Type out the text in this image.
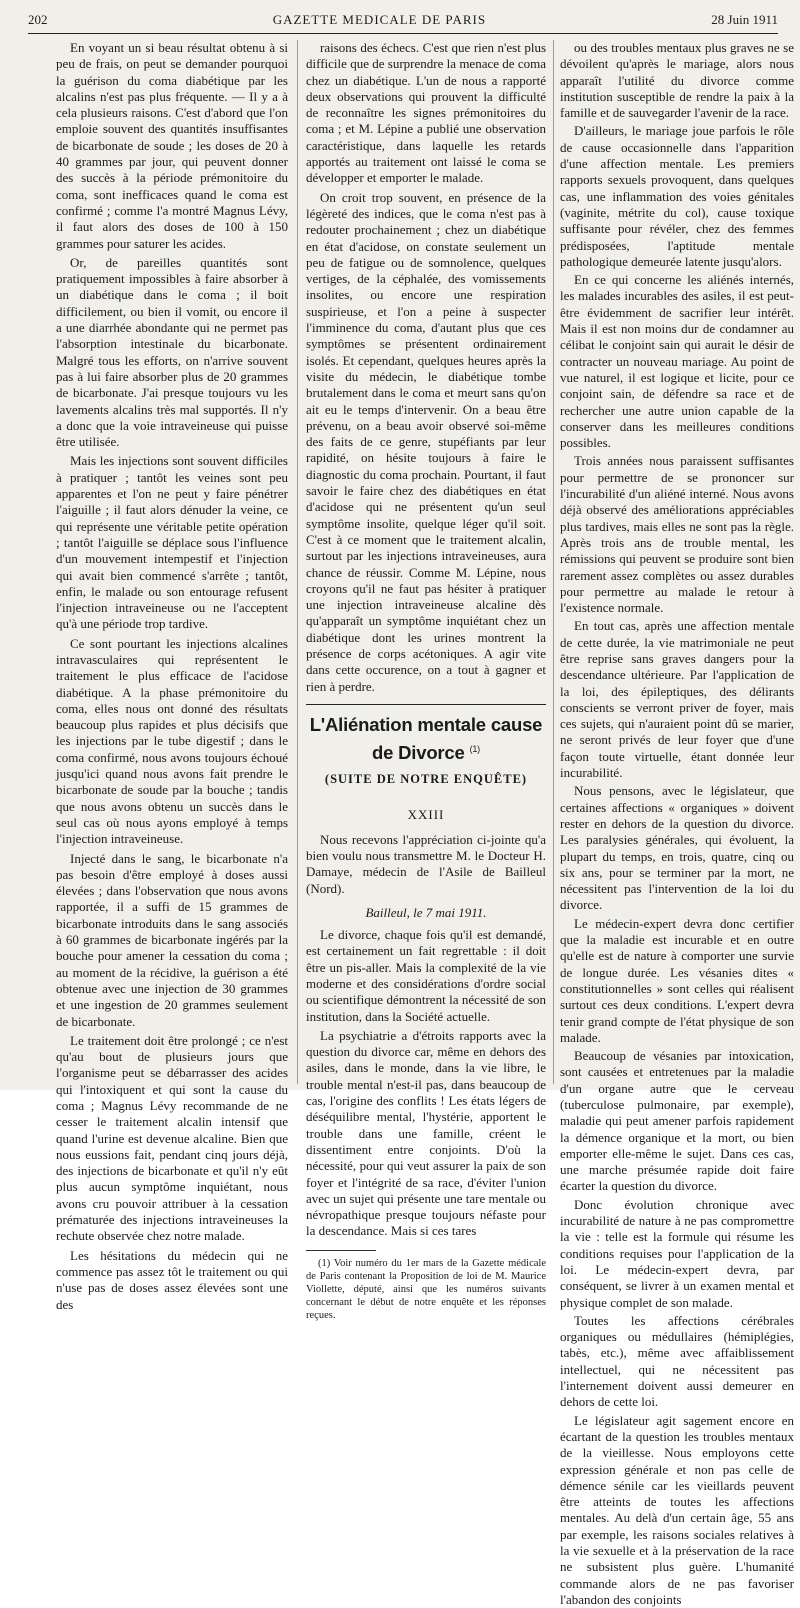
202	GAZETTE MEDICALE DE PARIS	28 Juin 1911

En voyant un si beau résultat obtenu à si peu de frais, on peut se demander pourquoi la guérison du coma diabétique par les alcalins n'est pas plus fréquente. — Il y a à cela plusieurs raisons. C'est d'abord que l'on emploie souvent des quantités insuffisantes de bicarbonate de soude ; les doses de 20 à 40 grammes par jour, qui peuvent donner des succès à la période prémonitoire du coma, sont inefficaces quand le coma est confirmé ; comme l'a montré Magnus Lévy, il faut alors des doses de 100 à 150 grammes pour saturer les acides.

Or, de pareilles quantités sont pratiquement impossibles à faire absorber à un diabétique dans le coma ; il boit difficilement, ou bien il vomit, ou encore il a une diarrhée abondante qui ne permet pas l'absorption intestinale du bicarbonate. Malgré tous les efforts, on n'arrive souvent pas à lui faire absorber plus de 20 grammes de bicarbonate. J'ai presque toujours vu les lavements alcalins très mal supportés. Il n'y a donc que la voie intraveineuse qui puisse être utilisée.

Mais les injections sont souvent difficiles à pratiquer ; tantôt les veines sont peu apparentes et l'on ne peut y faire pénétrer l'aiguille ; il faut alors dénuder la veine, ce qui représente une véritable petite opération ; tantôt l'aiguille se déplace sous l'influence d'un mouvement intempestif et l'injection qui avait bien commencé s'arrête ; tantôt, enfin, le malade ou son entourage refusent l'injection intraveineuse ou ne l'acceptent qu'à une période trop tardive.

Ce sont pourtant les injections alcalines intravasculaires qui représentent le traitement le plus efficace de l'acidose diabétique. A la phase prémonitoire du coma, elles nous ont donné des résultats beaucoup plus rapides et plus décisifs que les injections par le tube digestif ; dans le coma confirmé, nous avons toujours échoué jusqu'ici quand nous avons fait prendre le bicarbonate de soude par la bouche ; tandis que nous avons obtenu un succès dans le seul cas où nous ayons employé à temps l'injection intraveineuse.

Injecté dans le sang, le bicarbonate n'a pas besoin d'être employé à doses aussi élevées ; dans l'observation que nous avons rapportée, il a suffi de 15 grammes de bicarbonate introduits dans le sang associés à 60 grammes de bicarbonate ingérés par la bouche pour amener la cessation du coma ; au moment de la récidive, la guérison a été obtenue avec une injection de 30 grammes et une ingestion de 20 grammes seulement de bicarbonate.

Le traitement doit être prolongé ; ce n'est qu'au bout de plusieurs jours que l'organisme peut se débarrasser des acides qui l'intoxiquent et qui sont la cause du coma ; Magnus Lévy recommande de ne cesser le traitement alcalin intensif que quand l'urine est devenue alcaline. Bien que nous eussions fait, pendant cinq jours déjà, des injections de bicarbonate et qu'il n'y eût plus aucun symptôme inquiétant, nous avons cru pouvoir attribuer à la cessation prématurée des injections intraveineuses la rechute observée chez notre malade.

Les hésitations du médecin qui ne commence pas assez tôt le traitement ou qui n'use pas de doses assez élevées sont une des

raisons des échecs. C'est que rien n'est plus difficile que de surprendre la menace de coma chez un diabétique. L'un de nous a rapporté deux observations qui prouvent la difficulté de reconnaître les signes prémonitoires du coma ; et M. Lépine a publié une observation caractéristique, dans laquelle les retards apportés au traitement ont laissé le coma se développer et emporter le malade.

On croit trop souvent, en présence de la légèreté des indices, que le coma n'est pas à redouter prochainement ; chez un diabétique en état d'acidose, on constate seulement un peu de fatigue ou de somnolence, quelques vertiges, de la céphalée, des vomissements insolites, ou encore une respiration suspirieuse, et l'on a peine à suspecter l'imminence du coma, d'autant plus que ces symptômes se présentent ordinairement isolés. Et cependant, quelques heures après la visite du médecin, le diabétique tombe brutalement dans le coma et meurt sans qu'on ait eu le temps d'intervenir. On a beau être prévenu, on a beau avoir observé soi-même des faits de ce genre, stupéfiants par leur rapidité, on hésite toujours à faire le diagnostic du coma prochain. Pourtant, il faut savoir le faire chez des diabétiques en état d'acidose qui ne présentent qu'un seul symptôme insolite, quelque léger qu'il soit. C'est à ce moment que le traitement alcalin, surtout par les injections intraveineuses, aura chance de réussir. Comme M. Lépine, nous croyons qu'il ne faut pas hésiter à pratiquer une injection intraveineuse alcaline dès qu'apparaît un symptôme inquiétant chez un diabétique dont les urines montrent la présence de corps acétoniques. A agir vite dans cette occurence, on a tout à gagner et rien à perdre.

L'Aliénation mentale cause de Divorce $^{(1)}$
(SUITE DE NOTRE ENQUÊTE)
XXIII

Nous recevons l'appréciation ci-jointe qu'a bien voulu nous transmettre M. le Docteur H. Damaye, médecin de l'Asile de Bailleul (Nord).

Bailleul, le 7 mai 1911.

Le divorce, chaque fois qu'il est demandé, est certainement un fait regrettable : il doit être un pis-aller. Mais la complexité de la vie moderne et des considérations d'ordre social ou scientifique démontrent la nécessité de son institution, dans la Société actuelle.

La psychiatrie a d'étroits rapports avec la question du divorce car, même en dehors des asiles, dans le monde, dans la vie libre, le trouble mental n'est-il pas, dans beaucoup de cas, l'origine des conflits ! Les états légers de déséquilibre mental, l'hystérie, apportent le trouble dans une famille, créent le dissentiment entre conjoints. D'où la nécessité, pour qui veut assurer la paix de son foyer et l'intégrité de sa race, d'éviter l'union avec un sujet qui présente une tare mentale ou névropathique presque toujours néfaste pour la descendance. Mais si ces tares

(1) Voir numéro du 1er mars de la Gazette médicale de Paris contenant la Proposition de loi de M. Maurice Viollette, député, ainsi que les numéros suivants concernant le début de notre enquête et les réponses reçues.

ou des troubles mentaux plus graves ne se dévoilent qu'après le mariage, alors nous apparaît l'utilité du divorce comme institution susceptible de rendre la paix à la famille et de sauvegarder l'avenir de la race.

D'ailleurs, le mariage joue parfois le rôle de cause occasionnelle dans l'apparition d'une affection mentale. Les premiers rapports sexuels provoquent, dans quelques cas, une inflammation des voies génitales (vaginite, métrite du col), cause toxique suffisante pour révéler, chez des femmes prédisposées, l'aptitude mentale pathologique demeurée latente jusqu'alors.

En ce qui concerne les aliénés internés, les malades incurables des asiles, il est peut-être évidemment de sacrifier leur intérêt. Mais il est non moins dur de condamner au célibat le conjoint sain qui aurait le désir de contracter un nouveau mariage. Au point de vue naturel, il est logique et licite, pour ce conjoint sain, de défendre sa race et de rechercher une autre union capable de la conserver dans les meilleures conditions possibles.

Trois années nous paraissent suffisantes pour permettre de se prononcer sur l'incurabilité d'un aliéné interné. Nous avons déjà observé des améliorations appréciables plus tardives, mais elles ne sont pas la règle. Après trois ans de trouble mental, les rémissions qui peuvent se produire sont bien rarement assez complètes ou assez durables pour permettre au malade le retour à l'existence normale.

En tout cas, après une affection mentale de cette durée, la vie matrimoniale ne peut être reprise sans graves dangers pour la descendance ultérieure. Par l'application de la loi, des épileptiques, des délirants conscients se verront priver de foyer, mais ces sujets, qui n'auraient point dû se marier, ne seront privés de leur foyer que d'une façon toute virtuelle, étant donnée leur incurabilité.

Nous pensons, avec le législateur, que certaines affections « organiques » doivent rester en dehors de la question du divorce. Les paralysies générales, qui évoluent, la plupart du temps, en trois, quatre, cinq ou six ans, pour se terminer par la mort, ne nécessitent pas l'intervention de la loi du divorce.

Le médecin-expert devra donc certifier que la maladie est incurable et en outre qu'elle est de nature à comporter une survie de longue durée. Les vésanies dites « constitutionnelles » sont celles qui réalisent surtout ces deux conditions. L'expert devra tenir grand compte de l'état physique de son malade.

Beaucoup de vésanies par intoxication, sont causées et entretenues par la maladie d'un organe autre que le cerveau (tuberculose pulmonaire, par exemple), maladie qui peut amener parfois rapidement la démence organique et la mort, ou bien emporter elle-même le sujet. Dans ces cas, une marche présumée rapide doit faire écarter la question du divorce.

Donc évolution chronique avec incurabilité de nature à ne pas compromettre la vie : telle est la formule qui résume les conditions requises pour l'application de la loi. Le médecin-expert devra, par conséquent, se livrer à un examen mental et physique complet de son malade.

Toutes les affections cérébrales organiques ou médullaires (hémiplégies, tabès, etc.), même avec affaiblissement intellectuel, qui ne nécessitent pas l'internement doivent aussi demeurer en dehors de cette loi.

Le législateur agit sagement encore en écartant de la question les troubles mentaux de la vieillesse. Nous employons cette expression générale et non pas celle de démence sénile car les vieillards peuvent être atteints de toutes les affections mentales. Au delà d'un certain âge, 55 ans par exemple, les raisons sociales relatives à la vie sexuelle et à la préservation de la race ne subsistent plus guère. L'humanité commande alors de ne pas favoriser l'abandon des conjoints
